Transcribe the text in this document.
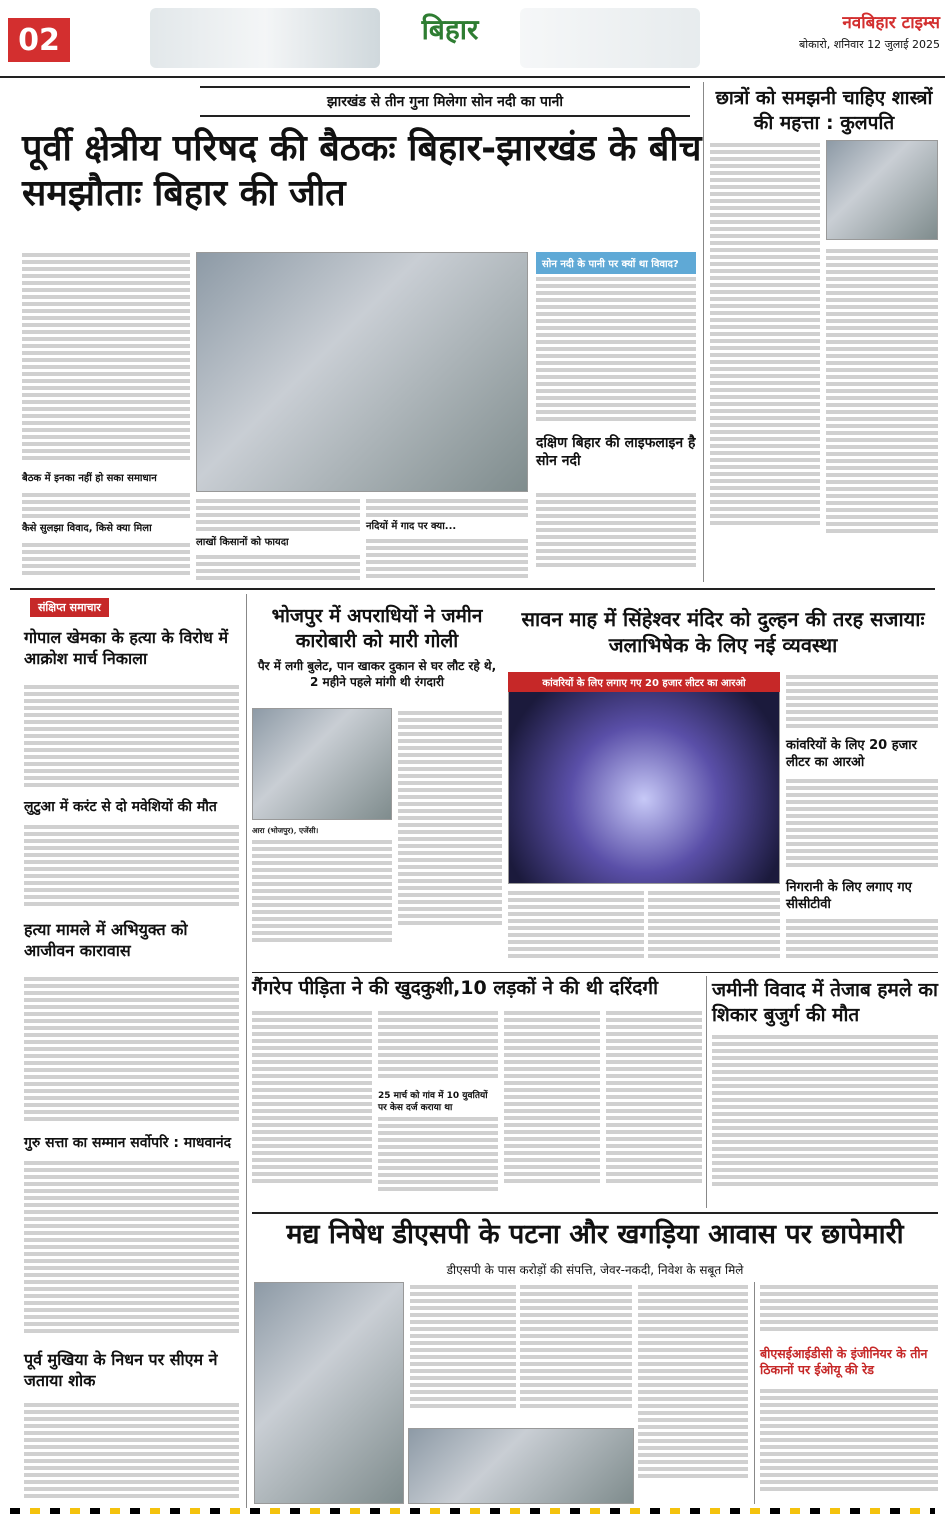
02	बिहार	नवबिहार टाइम्स
बोकारो, शनिवार 12 जुलाई 2025
झारखंड से तीन गुना मिलेगा सोन नदी का पानी
पूर्वी क्षेत्रीय परिषद की बैठकः बिहार-झारखंड के बीच समझौताः बिहार की जीत
बैठक में इनका नहीं हो सका समाधान
कैसे सुलझा विवाद, किसे क्या मिला
लाखों किसानों को फायदा
नदियों में गाद पर क्या...
सोन नदी के पानी पर क्यों था विवाद?
दक्षिण बिहार की लाइफलाइन है सोन नदी
छात्रों को समझनी चाहिए शास्त्रों की महत्ता : कुलपति
संक्षिप्त समाचार
गोपाल खेमका के हत्या के विरोध में आक्रोश मार्च निकाला
लुटुआ में करंट से दो मवेशियों की मौत
हत्या मामले में अभियुक्त को आजीवन कारावास
गुरु सत्ता का सम्मान सर्वोपरि : माधवानंद
पूर्व मुखिया के निधन पर सीएम ने जताया शोक
भोजपुर में अपराधियों ने जमीन कारोबारी को मारी गोली
पैर में लगी बुलेट, पान खाकर दुकान से घर लौट रहे थे, 2 महीने पहले मांगी थी रंगदारी
आरा (भोजपुर), एजेंसी।
सावन माह में सिंहेश्वर मंदिर को दुल्हन की तरह सजायाः जलाभिषेक के लिए नई व्यवस्था
कांवरियों के लिए लगाए गए 20 हजार लीटर का आरओ
कांवरियों के लिए 20 हजार लीटर का आरओ
निगरानी के लिए लगाए गए सीसीटीवी
गैंगरेप पीड़िता ने की खुदकुशी,10 लड़कों ने की थी दरिंदगी
25 मार्च को गांव में 10 युवतियों पर केस दर्ज कराया था
जमीनी विवाद में तेजाब हमले का शिकार बुजुर्ग की मौत
मद्य निषेध डीएसपी के पटना और खगड़िया आवास पर छापेमारी
डीएसपी के पास करोड़ों की संपत्ति, जेवर-नकदी, निवेश के सबूत मिले
बीएसईआईडीसी के इंजीनियर के तीन ठिकानों पर ईओयू की रेड
